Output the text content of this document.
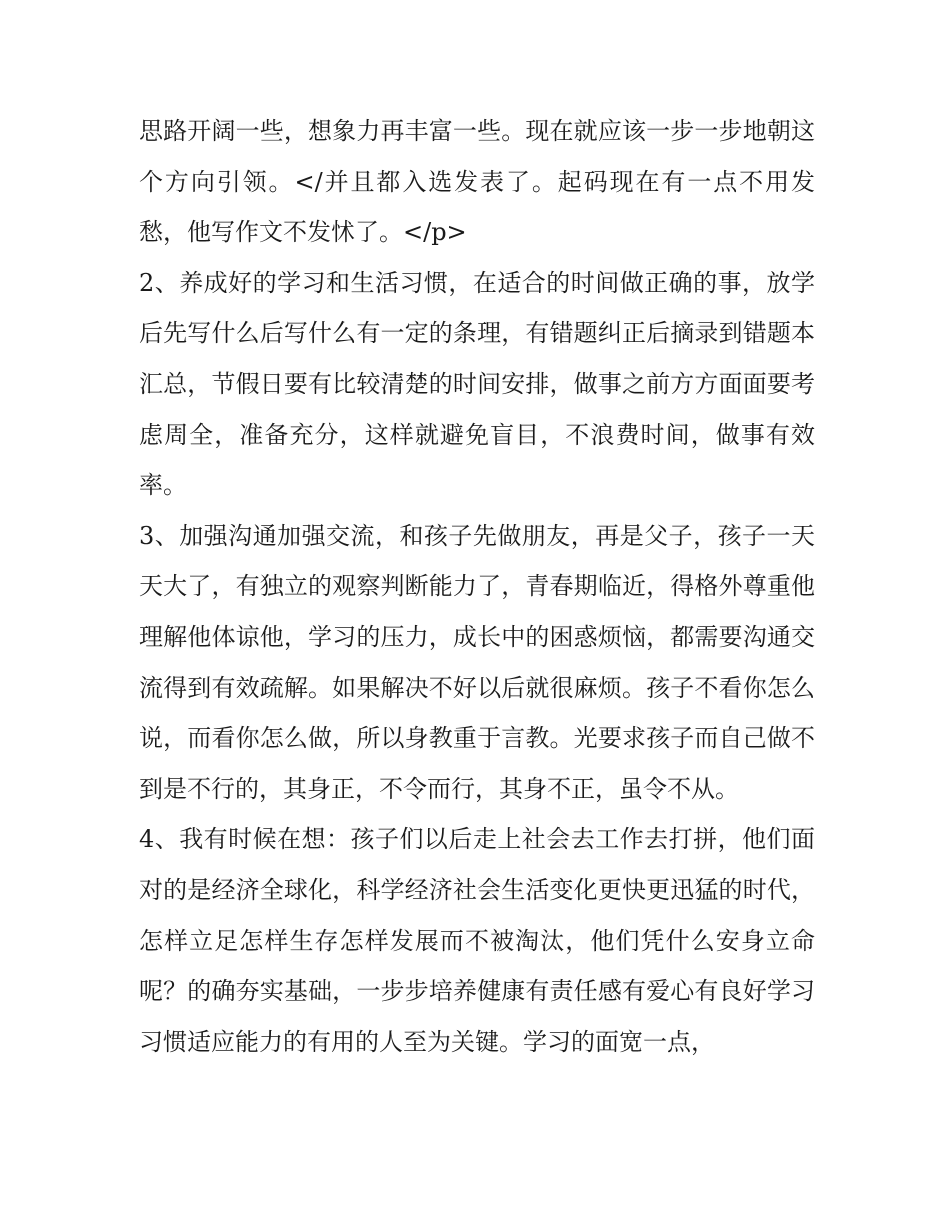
思路开阔一些，想象力再丰富一些。现在就应该一步一步地朝这个方向引领。</并且都入选发表了。起码现在有一点不用发愁，他写作文不发怵了。</p>

2、养成好的学习和生活习惯，在适合的时间做正确的事，放学后先写什么后写什么有一定的条理，有错题纠正后摘录到错题本汇总，节假日要有比较清楚的时间安排，做事之前方方面面要考虑周全，准备充分，这样就避免盲目，不浪费时间，做事有效率。

3、加强沟通加强交流，和孩子先做朋友，再是父子，孩子一天天大了，有独立的观察判断能力了，青春期临近，得格外尊重他理解他体谅他，学习的压力，成长中的困惑烦恼，都需要沟通交流得到有效疏解。如果解决不好以后就很麻烦。孩子不看你怎么说，而看你怎么做，所以身教重于言教。光要求孩子而自己做不到是不行的，其身正，不令而行，其身不正，虽令不从。

4、我有时候在想：孩子们以后走上社会去工作去打拼，他们面对的是经济全球化，科学经济社会生活变化更快更迅猛的时代，怎样立足怎样生存怎样发展而不被淘汰，他们凭什么安身立命呢？的确夯实基础，一步步培养健康有责任感有爱心有良好学习习惯适应能力的有用的人至为关键。学习的面宽一点，
